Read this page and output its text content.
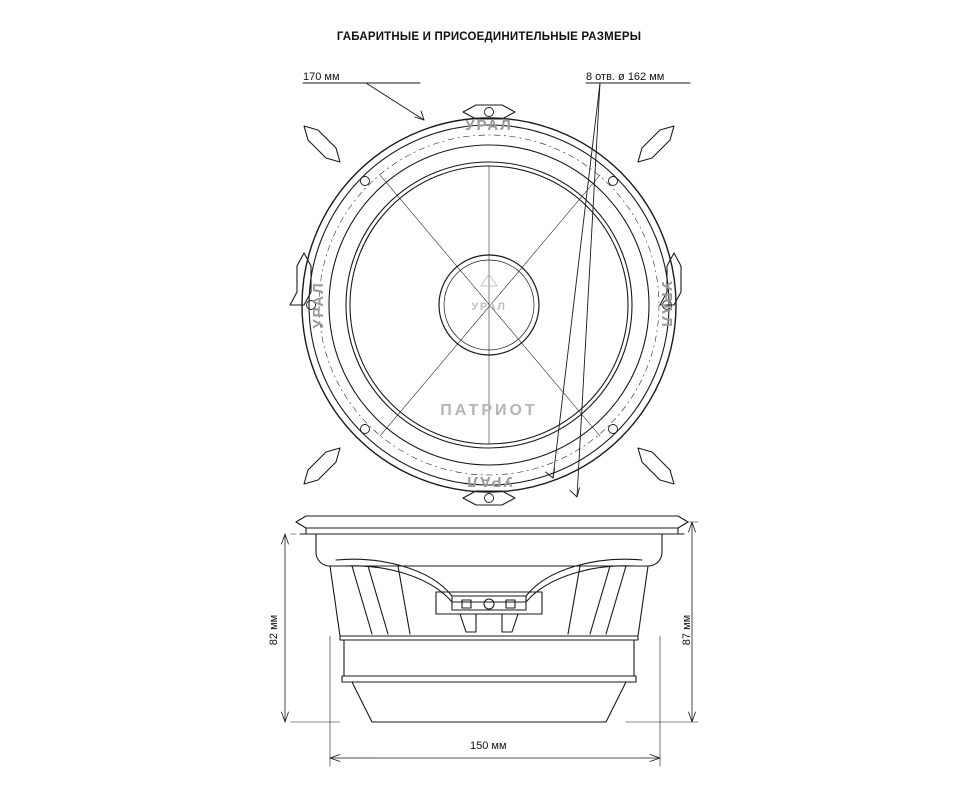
ГАБАРИТНЫЕ И ПРИСОЕДИНИТЕЛЬНЫЕ РАЗМЕРЫ
УРАЛ
УРАЛ
УРАЛ	УРАЛ
ПАТРИОТ
УРАЛ
170 мм	8 отв. ø 162 мм
150 мм
82 мм	87 мм
